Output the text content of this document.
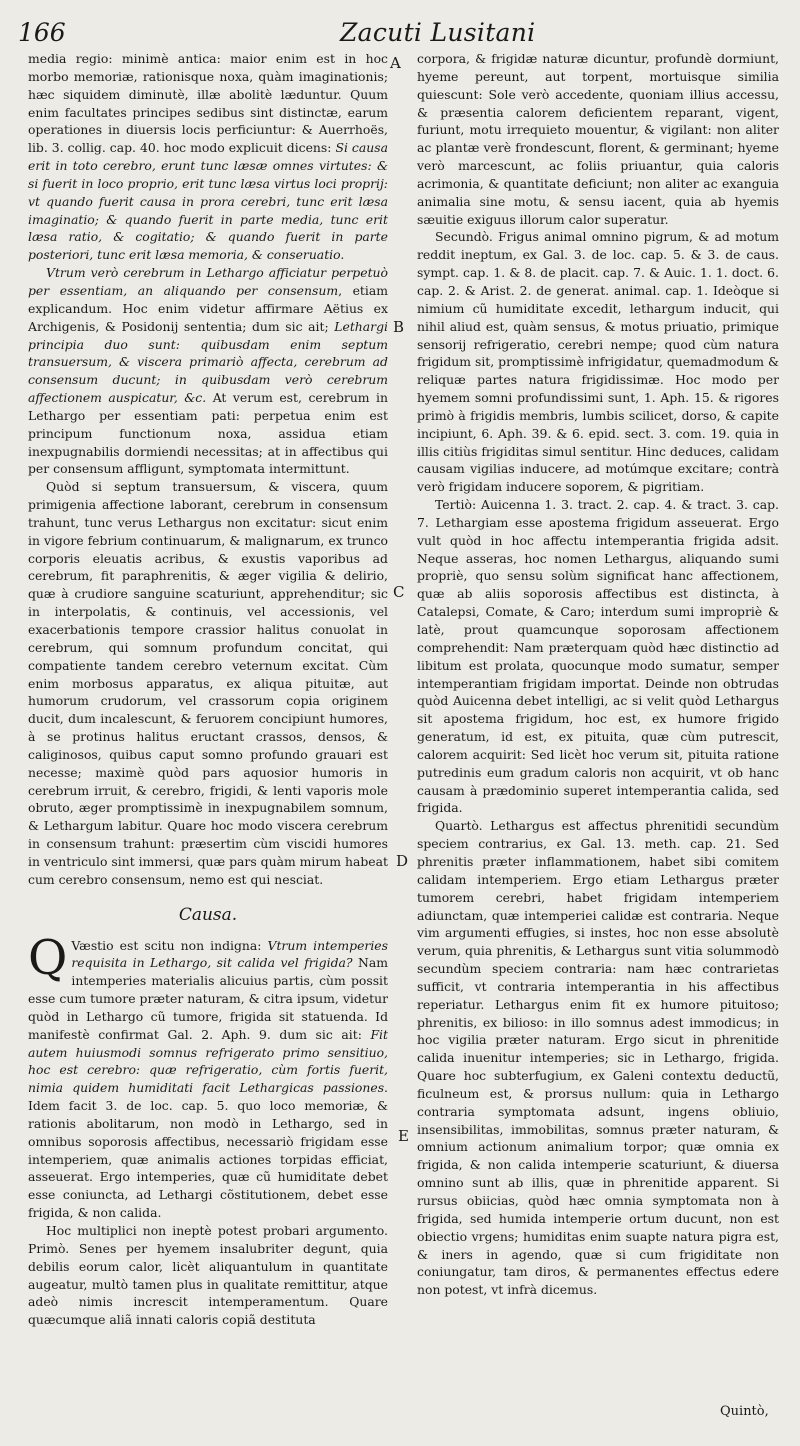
166	Zacuti Lusitani
A
B
C
D
E

media regio: minimè antica: maior enim est in hoc morbo memoriæ, rationisque noxa, quàm imaginationis; hæc siquidem diminutè, illæ abolitè læduntur. Quum enim facultates principes sedibus sint distinctæ, earum operationes in diuersis locis perficiuntur: & Auerrhoës, lib. 3. collig. cap. 40. hoc modo explicuit dicens: Si causa erit in toto cerebro, erunt tunc læsæ omnes virtutes: & si fuerit in loco proprio, erit tunc læsa virtus loci proprij: vt quando fuerit causa in prora cerebri, tunc erit læsa imaginatio; & quando fuerit in parte media, tunc erit læsa ratio, & cogitatio; & quando fuerit in parte posteriori, tunc erit læsa memoria, & conseruatio.

Vtrum verò cerebrum in Lethargo afficiatur perpetuò per essentiam, an aliquando per consensum, etiam explicandum. Hoc enim videtur affirmare Aëtius ex Archigenis, & Posidonij sententia; dum sic ait; Lethargi principia duo sunt: quibusdam enim septum transuersum, & viscera primariò affecta, cerebrum ad consensum ducunt; in quibusdam verò cerebrum affectionem auspicatur, &c. At verum est, cerebrum in Lethargo per essentiam pati: perpetua enim est principum functionum noxa, assidua etiam inexpugnabilis dormiendi necessitas; at in affectibus qui per consensum affligunt, symptomata intermittunt.

Quòd si septum transuersum, & viscera, quum primigenia affectione laborant, cerebrum in consensum trahunt, tunc verus Lethargus non excitatur: sicut enim in vigore febrium continuarum, & malignarum, ex trunco corporis eleuatis acribus, & exustis vaporibus ad cerebrum, fit paraphrenitis, & æger vigilia & delirio, quæ à crudiore sanguine scaturiunt, apprehenditur; sic in interpolatis, & continuis, vel accessionis, vel exacerbationis tempore crassior halitus conuolat in cerebrum, qui somnum profundum concitat, qui compatiente tandem cerebro veternum excitat. Cùm enim morbosus apparatus, ex aliqua pituitæ, aut humorum crudorum, vel crassorum copia originem ducit, dum incalescunt, & feruorem concipiunt humores, à se protinus halitus eructant crassos, densos, & caliginosos, quibus caput somno profundo grauari est necesse; maximè quòd pars aquosior humoris in cerebrum irruit, & cerebro, frigidi, & lenti vaporis mole obruto, æger promptissimè in inexpugnabilem somnum, & Lethargum labitur. Quare hoc modo viscera cerebrum in consensum trahunt: præsertim cùm viscidi humores in ventriculo sint immersi, quæ pars quàm mirum habeat cum cerebro consensum, nemo est qui nesciat.

Causa.

Q Væstio est scitu non indigna: Vtrum intemperies requisita in Lethargo, sit calida vel frigida? Nam intemperies materialis alicuius partis, cùm possit esse cum tumore præter naturam, & citra ipsum, videtur quòd in Lethargo cũ tumore, frigida sit statuenda. Id manifestè confirmat Gal. 2. Aph. 9. dum sic ait: Fit autem huiusmodi somnus refrigerato primo sensitiuo, hoc est cerebro: quæ refrigeratio, cùm fortis fuerit, nimia quidem humiditati facit Lethargicas passiones. Idem facit 3. de loc. cap. 5. quo loco memoriæ, & rationis abolitarum, non modò in Lethargo, sed in omnibus soporosis affectibus, necessariò frigidam esse intemperiem, quæ animalis actiones torpidas efficiat, asseuerat. Ergo intemperies, quæ cũ humiditate debet esse coniuncta, ad Lethargi cõstitutionem, debet esse frigida, & non calida.

Hoc multiplici non ineptè potest probari argumento. Primò. Senes per hyemem insalubriter degunt, quia debilis eorum calor, licèt aliquantulum in quantitate augeatur, multò tamen plus in qualitate remittitur, atque adeò nimis increscit intemperamentum. Quare quæcumque aliã innati caloris copiã destituta

corpora, & frigidæ naturæ dicuntur, profundè dormiunt, hyeme pereunt, aut torpent, mortuisque similia quiescunt: Sole verò accedente, quoniam illius accessu, & præsentia calorem deficientem reparant, vigent, furiunt, motu irrequieto mouentur, & vigilant: non aliter ac plantæ verè frondescunt, florent, & germinant; hyeme verò marcescunt, ac foliis priuantur, quia caloris acrimonia, & quantitate deficiunt; non aliter ac exanguia animalia sine motu, & sensu iacent, quia ab hyemis sæuitie exiguus illorum calor superatur.

Secundò. Frigus animal omnino pigrum, & ad motum reddit ineptum, ex Gal. 3. de loc. cap. 5. & 3. de caus. sympt. cap. 1. & 8. de placit. cap. 7. & Auic. 1. 1. doct. 6. cap. 2. & Arist. 2. de generat. animal. cap. 1. Ideòque si nimium cũ humiditate excedit, lethargum inducit, qui nihil aliud est, quàm sensus, & motus priuatio, primique sensorij refrigeratio, cerebri nempe; quod cùm natura frigidum sit, promptissimè infrigidatur, quemadmodum & reliquæ partes natura frigidissimæ. Hoc modo per hyemem somni profundissimi sunt, 1. Aph. 15. & rigores primò à frigidis membris, lumbis scilicet, dorso, & capite incipiunt, 6. Aph. 39. & 6. epid. sect. 3. com. 19. quia in illis citiùs frigiditas simul sentitur. Hinc deduces, calidam causam vigilias inducere, ad motúmque excitare; contrà verò frigidam inducere soporem, & pigritiam.

Tertiò: Auicenna 1. 3. tract. 2. cap. 4. & tract. 3. cap. 7. Lethargiam esse apostema frigidum asseuerat. Ergo vult quòd in hoc affectu intemperantia frigida adsit. Neque asseras, hoc nomen Lethargus, aliquando sumi propriè, quo sensu solùm significat hanc affectionem, quæ ab aliis soporosis affectibus est distincta, à Catalepsi, Comate, & Caro; interdum sumi impropriè & latè, prout quamcunque soporosam affectionem comprehendit: Nam præterquam quòd hæc distinctio ad libitum est prolata, quocunque modo sumatur, semper intemperantiam frigidam importat. Deinde non obtrudas quòd Auicenna debet intelligi, ac si velit quòd Lethargus sit apostema frigidum, hoc est, ex humore frigido generatum, id est, ex pituita, quæ cùm putrescit, calorem acquirit: Sed licèt hoc verum sit, pituita ratione putredinis eum gradum caloris non acquirit, vt ob hanc causam à prædominio superet intemperantia calida, sed frigida.

Quartò. Lethargus est affectus phrenitidi secundùm speciem contrarius, ex Gal. 13. meth. cap. 21. Sed phrenitis præter inflammationem, habet sibi comitem calidam intemperiem. Ergo etiam Lethargus præter tumorem cerebri, habet frigidam intemperiem adiunctam, quæ intemperiei calidæ est contraria. Neque vim argumenti effugies, si instes, hoc non esse absolutè verum, quia phrenitis, & Lethargus sunt vitia solummodò secundùm speciem contraria: nam hæc contrarietas sufficit, vt contraria intemperantia in his affectibus reperiatur. Lethargus enim fit ex humore pituitoso; phrenitis, ex bilioso: in illo somnus adest immodicus; in hoc vigilia præter naturam. Ergo sicut in phrenitide calida inuenitur intemperies; sic in Lethargo, frigida. Quare hoc subterfugium, ex Galeni contextu deductũ, ficulneum est, & prorsus nullum: quia in Lethargo contraria symptomata adsunt, ingens obliuio, insensibilitas, immobilitas, somnus præter naturam, & omnium actionum animalium torpor; quæ omnia ex frigida, & non calida intemperie scaturiunt, & diuersa omnino sunt ab illis, quæ in phrenitide apparent. Si rursus obiicias, quòd hæc omnia symptomata non à frigida, sed humida intemperie ortum ducunt, non est obiectio vrgens; humiditas enim suapte natura pigra est, & iners in agendo, quæ si cum frigiditate non coniungatur, tam diros, & permanentes effectus edere non potest, vt infrà dicemus.

Quintò,
